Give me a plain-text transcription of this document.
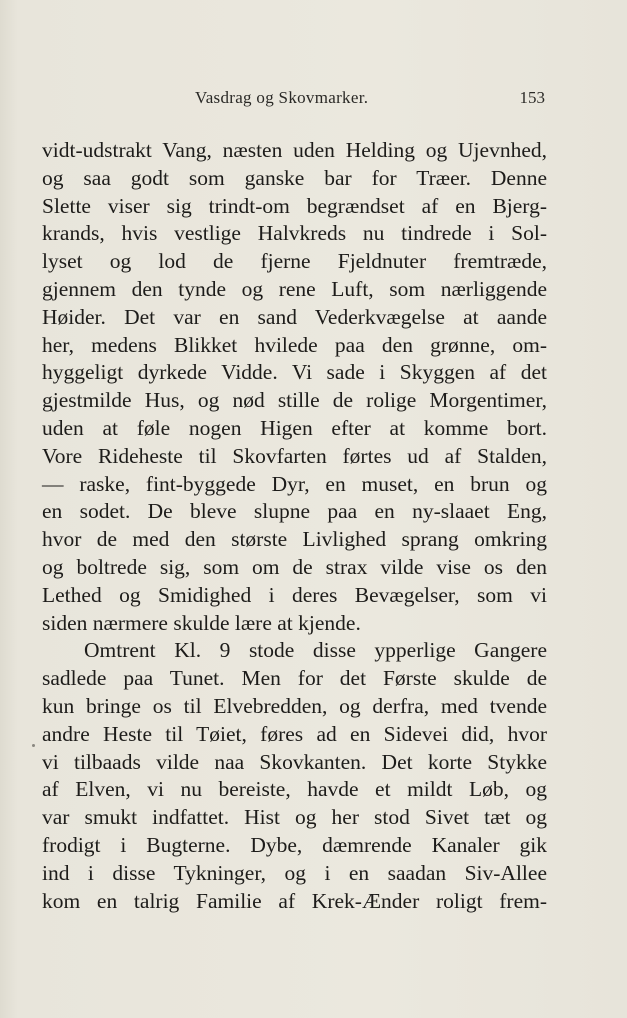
Vasdrag og Skovmarker.	153
vidt-udstrakt Vang, næsten uden Helding og Ujevnhed,
og saa godt som ganske bar for Træer. Denne
Slette viser sig trindt-om begrændset af en Bjerg-
krands, hvis vestlige Halvkreds nu tindrede i Sol-
lyset og lod de fjerne Fjeldnuter fremtræde,
gjennem den tynde og rene Luft, som nærliggende
Høider. Det var en sand Vederkvægelse at aande
her, medens Blikket hvilede paa den grønne, om-
hyggeligt dyrkede Vidde. Vi sade i Skyggen af det
gjestmilde Hus, og nød stille de rolige Morgentimer,
uden at føle nogen Higen efter at komme bort.
Vore Rideheste til Skovfarten førtes ud af Stalden,
— raske, fint-byggede Dyr, en muset, en brun og
en sodet. De bleve slupne paa en ny-slaaet Eng,
hvor de med den største Livlighed sprang omkring
og boltrede sig, som om de strax vilde vise os den
Lethed og Smidighed i deres Bevægelser, som vi
siden nærmere skulde lære at kjende.
Omtrent Kl. 9 stode disse ypperlige Gangere
sadlede paa Tunet. Men for det Første skulde de
kun bringe os til Elvebredden, og derfra, med tvende
andre Heste til Tøiet, føres ad en Sidevei did, hvor
vi tilbaads vilde naa Skovkanten. Det korte Stykke
af Elven, vi nu bereiste, havde et mildt Løb, og
var smukt indfattet. Hist og her stod Sivet tæt og
frodigt i Bugterne. Dybe, dæmrende Kanaler gik
ind i disse Tykninger, og i en saadan Siv-Allee
kom en talrig Familie af Krek-Ænder roligt frem-
